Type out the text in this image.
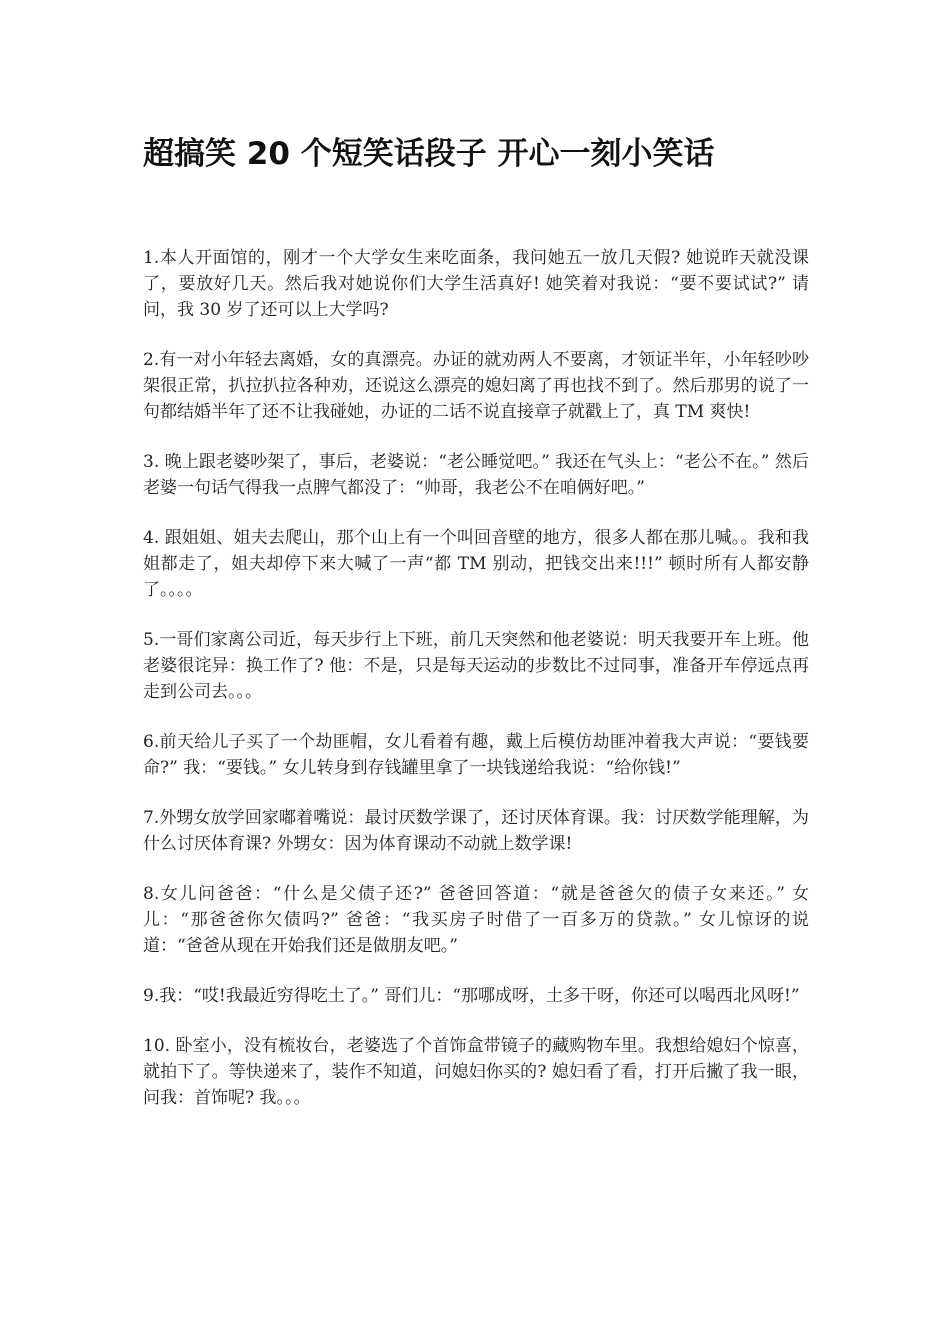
超搞笑 20 个短笑话段子 开心一刻小笑话

1.本人开面馆的，刚才一个大学女生来吃面条，我问她五一放几天假? 她说昨天就没课了，要放好几天。然后我对她说你们大学生活真好! 她笑着对我说：“要不要试试?” 请问，我 30 岁了还可以上大学吗?

2.有一对小年轻去离婚，女的真漂亮。办证的就劝两人不要离，才领证半年，小年轻吵吵架很正常，扒拉扒拉各种劝，还说这么漂亮的媳妇离了再也找不到了。然后那男的说了一句都结婚半年了还不让我碰她，办证的二话不说直接章子就戳上了，真 TM 爽快!

3. 晚上跟老婆吵架了，事后，老婆说：“老公睡觉吧。” 我还在气头上：“老公不在。” 然后老婆一句话气得我一点脾气都没了：“帅哥，我老公不在咱俩好吧。”

4. 跟姐姐、姐夫去爬山，那个山上有一个叫回音壁的地方，很多人都在那儿喊。。我和我姐都走了，姐夫却停下来大喊了一声“都 TM 别动，把钱交出来!!!” 顿时所有人都安静了。。。。

5.一哥们家离公司近，每天步行上下班，前几天突然和他老婆说：明天我要开车上班。他老婆很诧异：换工作了? 他：不是，只是每天运动的步数比不过同事，准备开车停远点再走到公司去。。。

6.前天给儿子买了一个劫匪帽，女儿看着有趣，戴上后模仿劫匪冲着我大声说：“要钱要命?” 我：“要钱。” 女儿转身到存钱罐里拿了一块钱递给我说：“给你钱!”

7.外甥女放学回家嘟着嘴说：最讨厌数学课了，还讨厌体育课。我：讨厌数学能理解，为什么讨厌体育课? 外甥女：因为体育课动不动就上数学课!

8.女儿问爸爸：“什么是父债子还?” 爸爸回答道：“就是爸爸欠的债子女来还。” 女儿：“那爸爸你欠债吗?” 爸爸：“我买房子时借了一百多万的贷款。” 女儿惊讶的说道：“爸爸从现在开始我们还是做朋友吧。”

9.我：“哎!我最近穷得吃土了。” 哥们儿：“那哪成呀，土多干呀，你还可以喝西北风呀!”

10. 卧室小，没有梳妆台，老婆选了个首饰盒带镜子的藏购物车里。我想给媳妇个惊喜，就拍下了。等快递来了，装作不知道，问媳妇你买的? 媳妇看了看，打开后撇了我一眼，问我：首饰呢? 我。。。
